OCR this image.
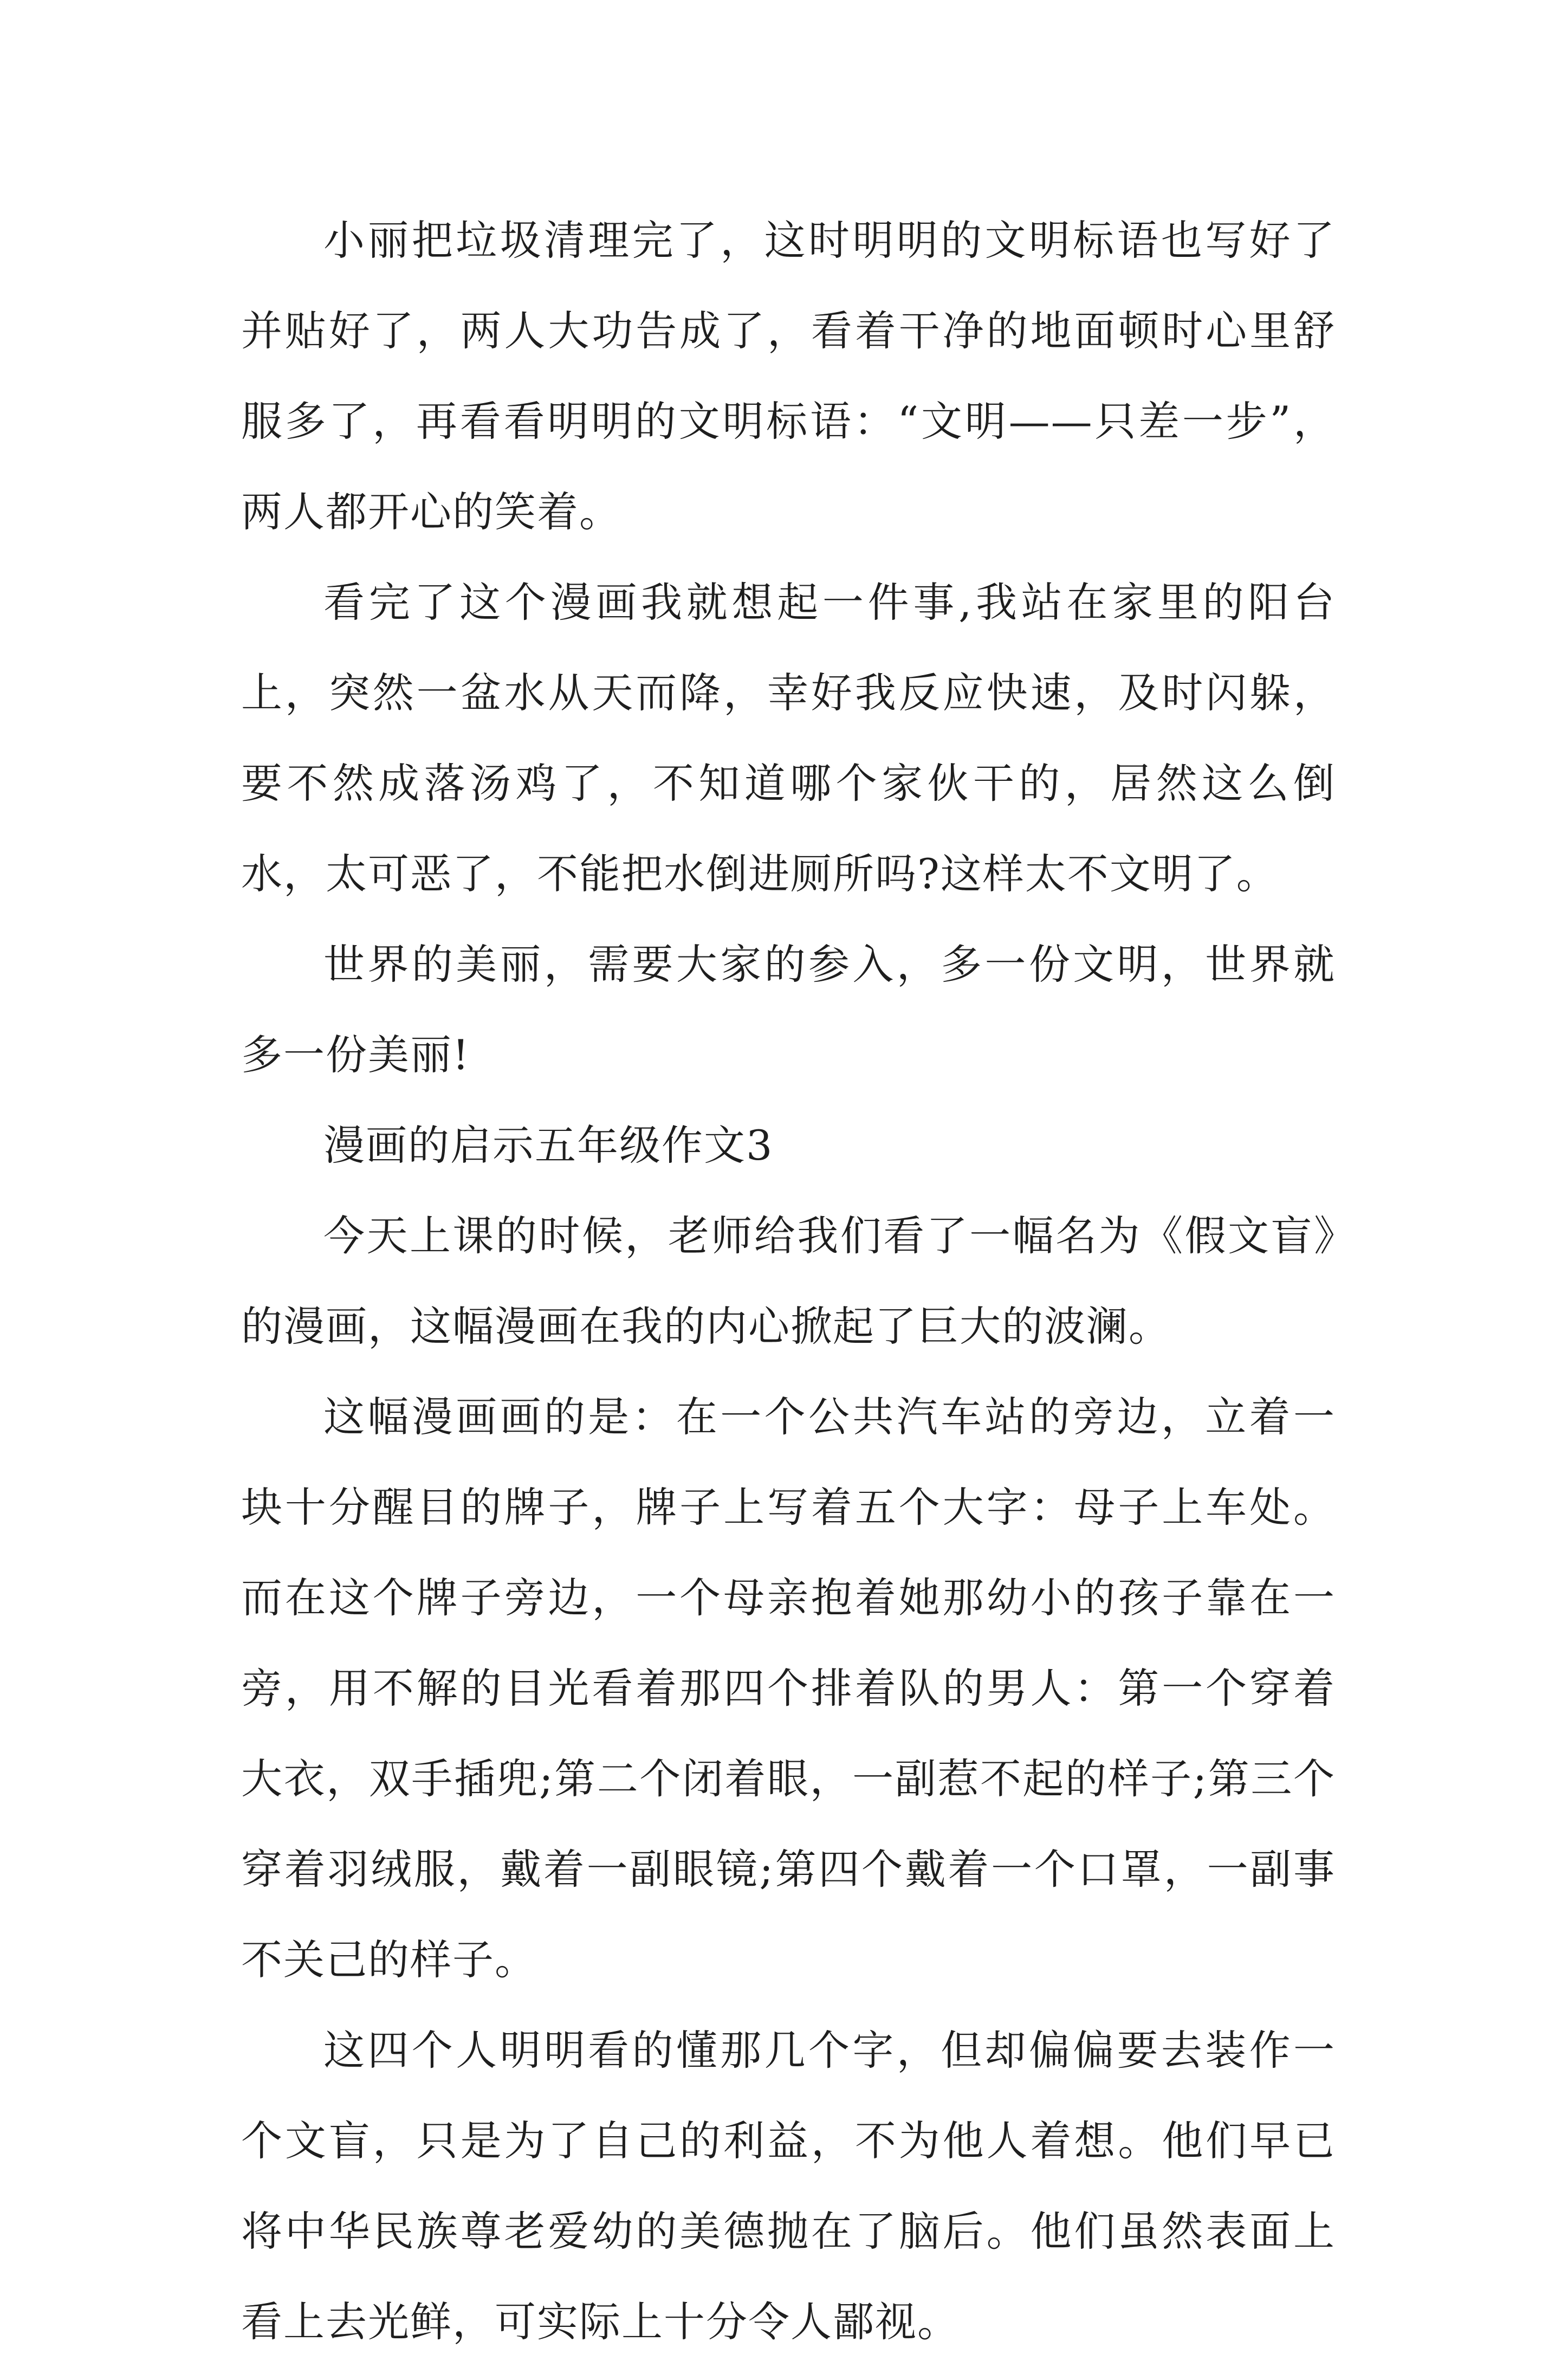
小丽把垃圾清理完了，这时明明的文明标语也写好了并贴好了，两人大功告成了，看着干净的地面顿时心里舒服多了，再看看明明的文明标语：“文明——只差一步”，两人都开心的笑着。

看完了这个漫画我就想起一件事,我站在家里的阳台上，突然一盆水从天而降，幸好我反应快速，及时闪躲，要不然成落汤鸡了，不知道哪个家伙干的，居然这么倒水，太可恶了，不能把水倒进厕所吗?这样太不文明了。

世界的美丽，需要大家的参入，多一份文明，世界就多一份美丽!

漫画的启示五年级作文3

今天上课的时候，老师给我们看了一幅名为《假文盲》的漫画，这幅漫画在我的内心掀起了巨大的波澜。

这幅漫画画的是：在一个公共汽车站的旁边，立着一块十分醒目的牌子，牌子上写着五个大字：母子上车处。而在这个牌子旁边，一个母亲抱着她那幼小的孩子靠在一旁，用不解的目光看着那四个排着队的男人：第一个穿着大衣，双手插兜;第二个闭着眼，一副惹不起的样子;第三个穿着羽绒服，戴着一副眼镜;第四个戴着一个口罩，一副事不关己的样子。

这四个人明明看的懂那几个字，但却偏偏要去装作一个文盲，只是为了自己的利益，不为他人着想。他们早已将中华民族尊老爱幼的美德抛在了脑后。他们虽然表面上看上去光鲜，可实际上十分令人鄙视。
